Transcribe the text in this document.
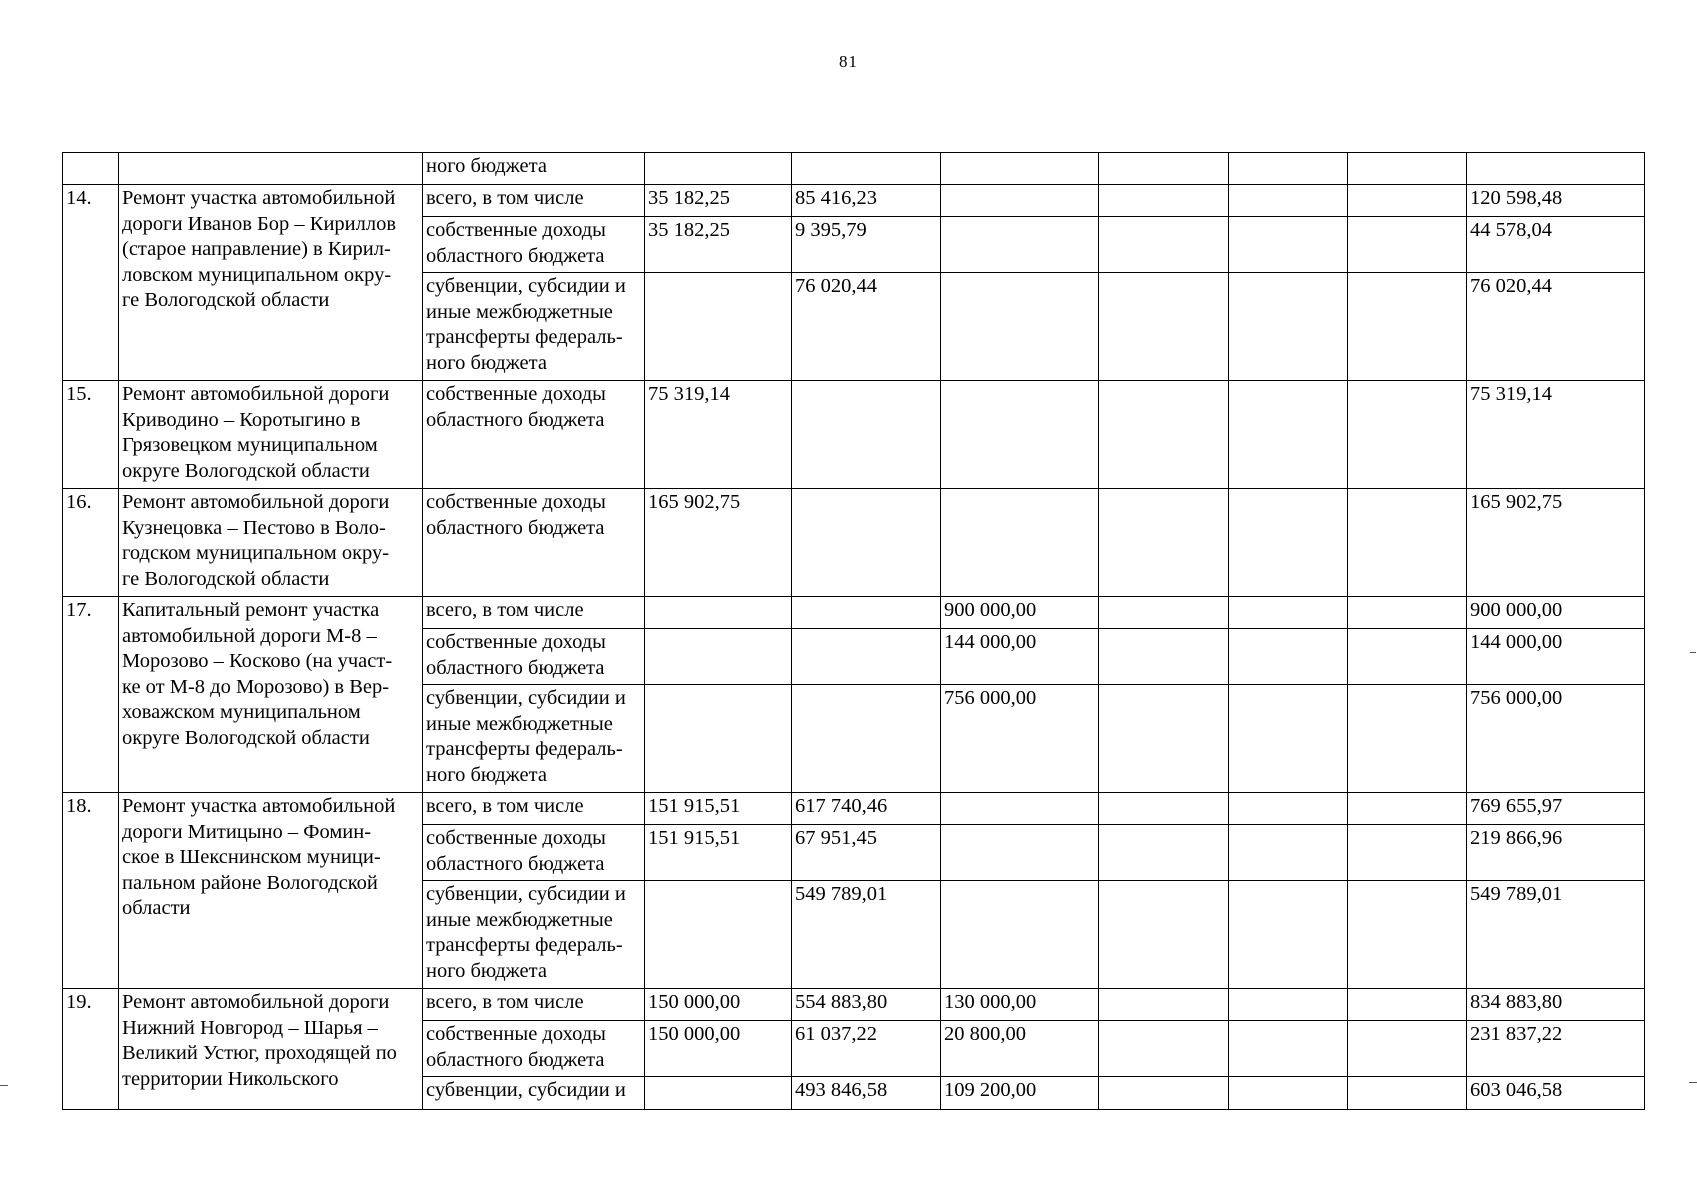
81
		ного бюджета							
14.	Ремонт участка автомобильной дороги Иванов Бор – Кириллов (старое направление) в Кирил-
ловском муниципальном окру-
ге Вологодской области	всего, в том числе	35 182,25	85 416,23					120 598,48
		собственные доходы областного бюджета	35 182,25	9 395,79					44 578,04
		субвенции, субсидии и иные межбюджетные трансферты федераль-
ного бюджета		76 020,44					76 020,44
15.	Ремонт автомобильной дороги Криводино – Коротыгино в Грязовецком муниципальном округе Вологодской области	собственные доходы областного бюджета	75 319,14						75 319,14
16.	Ремонт автомобильной дороги Кузнецовка – Пестово в Воло-
годском муниципальном окру-
ге Вологодской области	собственные доходы областного бюджета	165 902,75						165 902,75
17.	Капитальный ремонт участка автомобильной дороги М-8 – Морозово – Косково (на участ-
ке от М-8 до Морозово) в Вер-
ховажском муниципальном округе Вологодской области	всего, в том числе			900 000,00				900 000,00
		собственные доходы областного бюджета			144 000,00				144 000,00
		субвенции, субсидии и иные межбюджетные трансферты федераль-
ного бюджета			756 000,00				756 000,00
18.	Ремонт участка автомобильной дороги Митицыно – Фомин-
ское в Шекснинском муници-
пальном районе Вологодской области	всего, в том числе	151 915,51	617 740,46					769 655,97
		собственные доходы областного бюджета	151 915,51	67 951,45					219 866,96
		субвенции, субсидии и иные межбюджетные трансферты федераль-
ного бюджета		549 789,01					549 789,01
19.	Ремонт автомобильной дороги Нижний Новгород – Шарья – Великий Устюг, проходящей по территории Никольского	всего, в том числе	150 000,00	554 883,80	130 000,00				834 883,80
		собственные доходы областного бюджета	150 000,00	61 037,22	20 800,00				231 837,22
		субвенции, субсидии и		493 846,58	109 200,00				603 046,58
